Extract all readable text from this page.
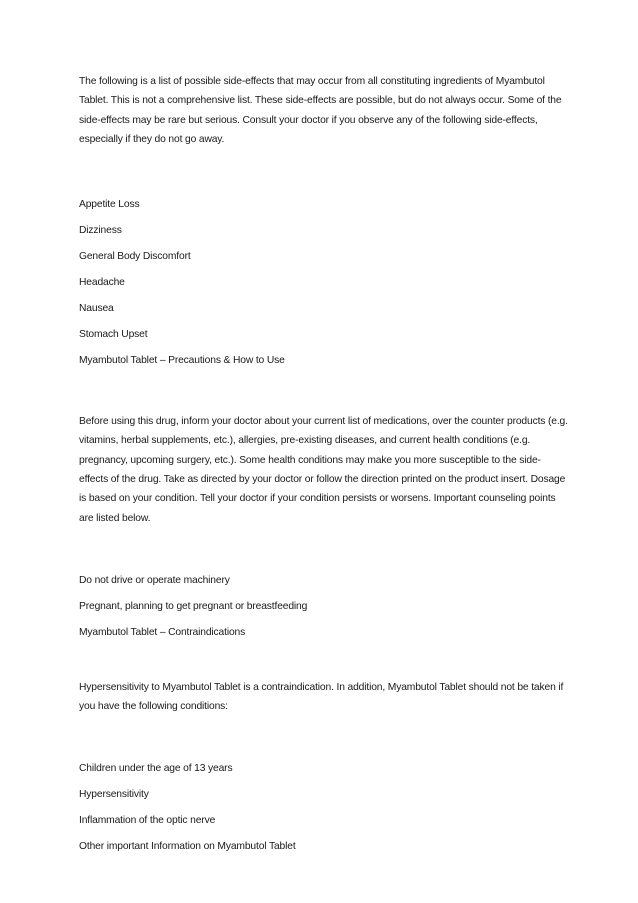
The following is a list of possible side-effects that may occur from all constituting ingredients of Myambutol Tablet. This is not a comprehensive list. These side-effects are possible, but do not always occur. Some of the side-effects may be rare but serious. Consult your doctor if you observe any of the following side-effects, especially if they do not go away.

Appetite Loss

Dizziness

General Body Discomfort

Headache

Nausea

Stomach Upset

Myambutol Tablet – Precautions & How to Use

Before using this drug, inform your doctor about your current list of medications, over the counter products (e.g. vitamins, herbal supplements, etc.), allergies, pre-existing diseases, and current health conditions (e.g. pregnancy, upcoming surgery, etc.). Some health conditions may make you more susceptible to the side-effects of the drug. Take as directed by your doctor or follow the direction printed on the product insert. Dosage is based on your condition. Tell your doctor if your condition persists or worsens. Important counseling points are listed below.

Do not drive or operate machinery

Pregnant, planning to get pregnant or breastfeeding

Myambutol Tablet – Contraindications

Hypersensitivity to Myambutol Tablet is a contraindication. In addition, Myambutol Tablet should not be taken if you have the following conditions:

Children under the age of 13 years

Hypersensitivity

Inflammation of the optic nerve

Other important Information on Myambutol Tablet
